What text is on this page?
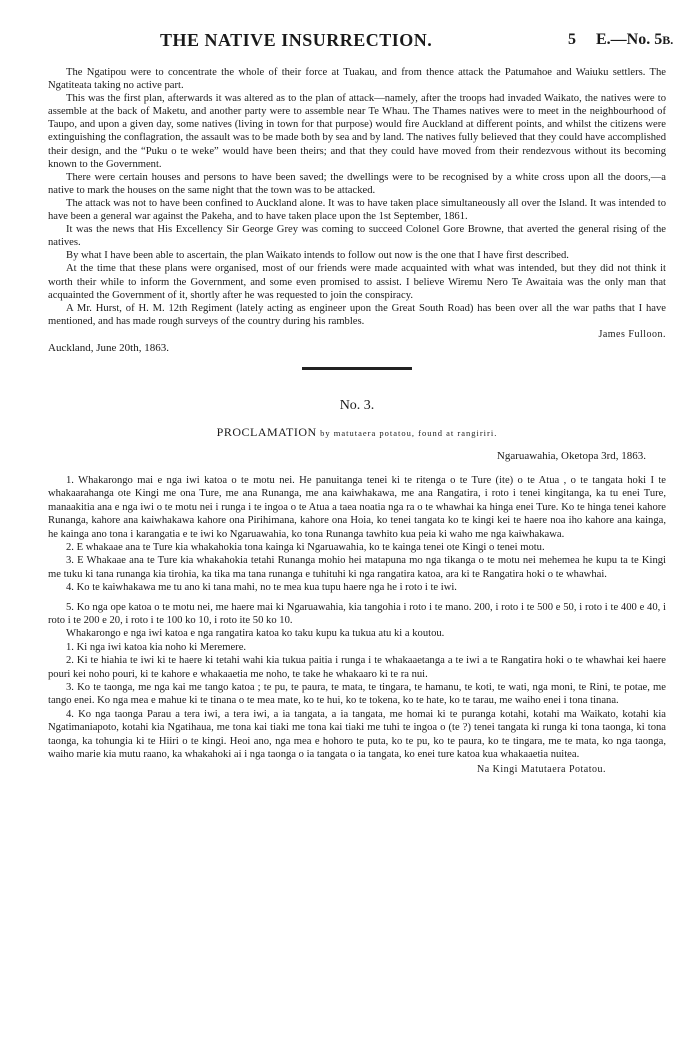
THE NATIVE INSURRECTION.	5 E.—No. 5B.

The Ngatipou were to concentrate the whole of their force at Tuakau, and from thence attack the Patumahoe and Waiuku settlers. The Ngatiteata taking no active part.

This was the first plan, afterwards it was altered as to the plan of attack—namely, after the troops had invaded Waikato, the natives were to assemble at the back of Maketu, and another party were to assemble near Te Whau. The Thames natives were to meet in the neighbourhood of Taupo, and upon a given day, some natives (living in town for that purpose) would fire Auckland at different points, and whilst the citizens were extinguishing the conflagration, the assault was to be made both by sea and by land. The natives fully believed that they could have accomplished their design, and the “Puku o te weke” would have been theirs; and that they could have moved from their rendezvous without its becoming known to the Government.

There were certain houses and persons to have been saved; the dwellings were to be recognised by a white cross upon all the doors,—a native to mark the houses on the same night that the town was to be attacked.

The attack was not to have been confined to Auckland alone. It was to have taken place simultaneously all over the Island. It was intended to have been a general war against the Pakeha, and to have taken place upon the 1st September, 1861.

It was the news that His Excellency Sir George Grey was coming to succeed Colonel Gore Browne, that averted the general rising of the natives.

By what I have been able to ascertain, the plan Waikato intends to follow out now is the one that I have first described.

At the time that these plans were organised, most of our friends were made acquainted with what was intended, but they did not think it worth their while to inform the Government, and some even promised to assist. I believe Wiremu Nero Te Awaitaia was the only man that acquainted the Government of it, shortly after he was requested to join the conspiracy.

A Mr. Hurst, of H. M. 12th Regiment (lately acting as engineer upon the Great South Road) has been over all the war paths that I have mentioned, and has made rough surveys of the country during his rambles.

James Fulloon.

Auckland, June 20th, 1863.

No. 3.
PROCLAMATION by matutaera potatou, found at rangiriri.
Ngaruawahia, Oketopa 3rd, 1863.

1. Whakarongo mai e nga iwi katoa o te motu nei. He panuitanga tenei ki te ritenga o te Ture (ite) o te Atua , o te tangata hoki I te whakaarahanga ote Kingi me ona Ture, me ana Runanga, me ana kaiwhakawa, me ana Rangatira, i roto i tenei kingitanga, ka tu enei Ture, manaakitia ana e nga iwi o te motu nei i runga i te ingoa o te Atua a taea noatia nga ra o te whawhai ka hinga enei Ture. Ko te hinga tenei kahore Runanga, kahore ana kaiwhakawa kahore ona Pirihimana, kahore ona Hoia, ko tenei tangata ko te kingi kei te haere noa iho kahore ana kainga, he kainga ano tona i karangatia e te iwi ko Ngaruawahia, ko tona Runanga tawhito kua peia ki waho me nga kaiwhakawa.

2. E whakaae ana te Ture kia whakahokia tona kainga ki Ngaruawahia, ko te kainga tenei ote Kingi o tenei motu.

3. E Whakaae ana te Ture kia whakahokia tetahi Runanga mohio hei matapuna mo nga tikanga o te motu nei mehemea he kupu ta te Kingi me tuku ki tana runanga kia tirohia, ka tika ma tana runanga e tuhituhi ki nga rangatira katoa, ara ki te Rangatira hoki o te whawhai.

4. Ko te kaiwhakawa me tu ano ki tana mahi, no te mea kua tupu haere nga he i roto i te iwi.

5. Ko nga ope katoa o te motu nei, me haere mai ki Ngaruawahia, kia tangohia i roto i te mano. 200, i roto i te 500 e 50, i roto i te 400 e 40, i roto i te 200 e 20, i roto i te 100 ko 10, i roto ite 50 ko 10.

Whakarongo e nga iwi katoa e nga rangatira katoa ko taku kupu ka tukua atu ki a koutou.

1. Ki nga iwi katoa kia noho ki Meremere.

2. Ki te hiahia te iwi ki te haere ki tetahi wahi kia tukua paitia i runga i te whakaaetanga a te iwi a te Rangatira hoki o te whawhai kei haere pouri kei noho pouri, ki te kahore e whakaaetia me noho, te take he whakaaro ki te ra nui.

3. Ko te taonga, me nga kai me tango katoa ; te pu, te paura, te mata, te tingara, te hamanu, te koti, te wati, nga moni, te Rini, te potae, me tango enei. Ko nga mea e mahue ki te tinana o te mea mate, ko te hui, ko te tokena, ko te hate, ko te tarau, me waiho enei i tona tinana.

4. Ko nga taonga Parau a tera iwi, a tera iwi, a ia tangata, a ia tangata, me homai ki te puranga kotahi, kotahi ma Waikato, kotahi kia Ngatimaniapoto, kotahi kia Ngatihaua, me tona kai tiaki me tona kai tiaki me tuhi te ingoa o (te ?) tenei tangata ki runga ki tona taonga, ki tona taonga, ka tohungia ki te Hiiri o te kingi. Heoi ano, nga mea e hohoro te puta, ko te pu, ko te paura, ko te tingara, me te mata, ko nga taonga, waiho marie kia mutu raano, ka whakahoki ai i nga taonga o ia tangata o ia tangata, ko enei ture katoa kua whakaaetia nuitea.

Na Kingi Matutaera Potatou.
